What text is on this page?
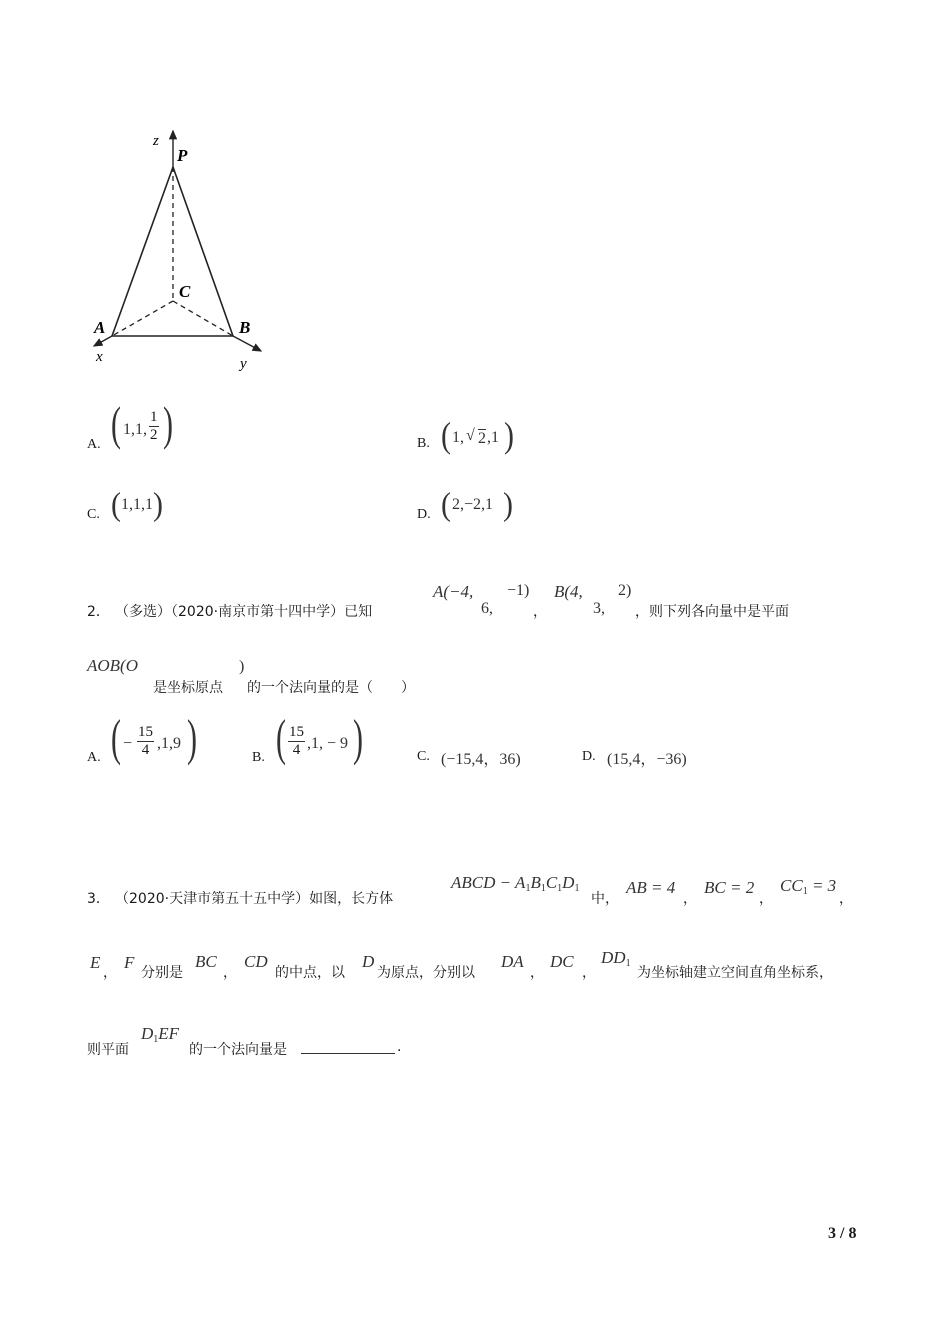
z
P
C
A	B
x	y
A. ( 1,1, $\frac{1}{2}$ )	B. ( 1, √ 2 ,1 )
C. ( 1,1,1 )	D. ( 2,−2,1 )
2． （多选）（2020·南京市第十四中学）已知
A(−4,
6,
−1)
，
B(4,
3,
2)
，则下列各向量中是平面
AOB(O
是坐标原点
)
的一个法向量的是（　　）
A. ( − $\frac{15}{4} ,1,9$ )	B. ( $\frac{15}{4} ,1$, − 9 )	C. (−15,4，36)	D. (15,4，−36)
3． （2020·天津市第五十五中学）如图，长方体
ABCD − $A_1B_1C_1D_1$
中，
AB = 4
，
BC = 2
，
$CC_1 = 3$
，
E
，
F
分别是
BC
，
CD
的中点，以
D
为原点，分别以
DA
，
DC
，
$DD_1$
为坐标轴建立空间直角坐标系，
则平面
$D_1EF$
的一个法向量是	.
3 / 8
